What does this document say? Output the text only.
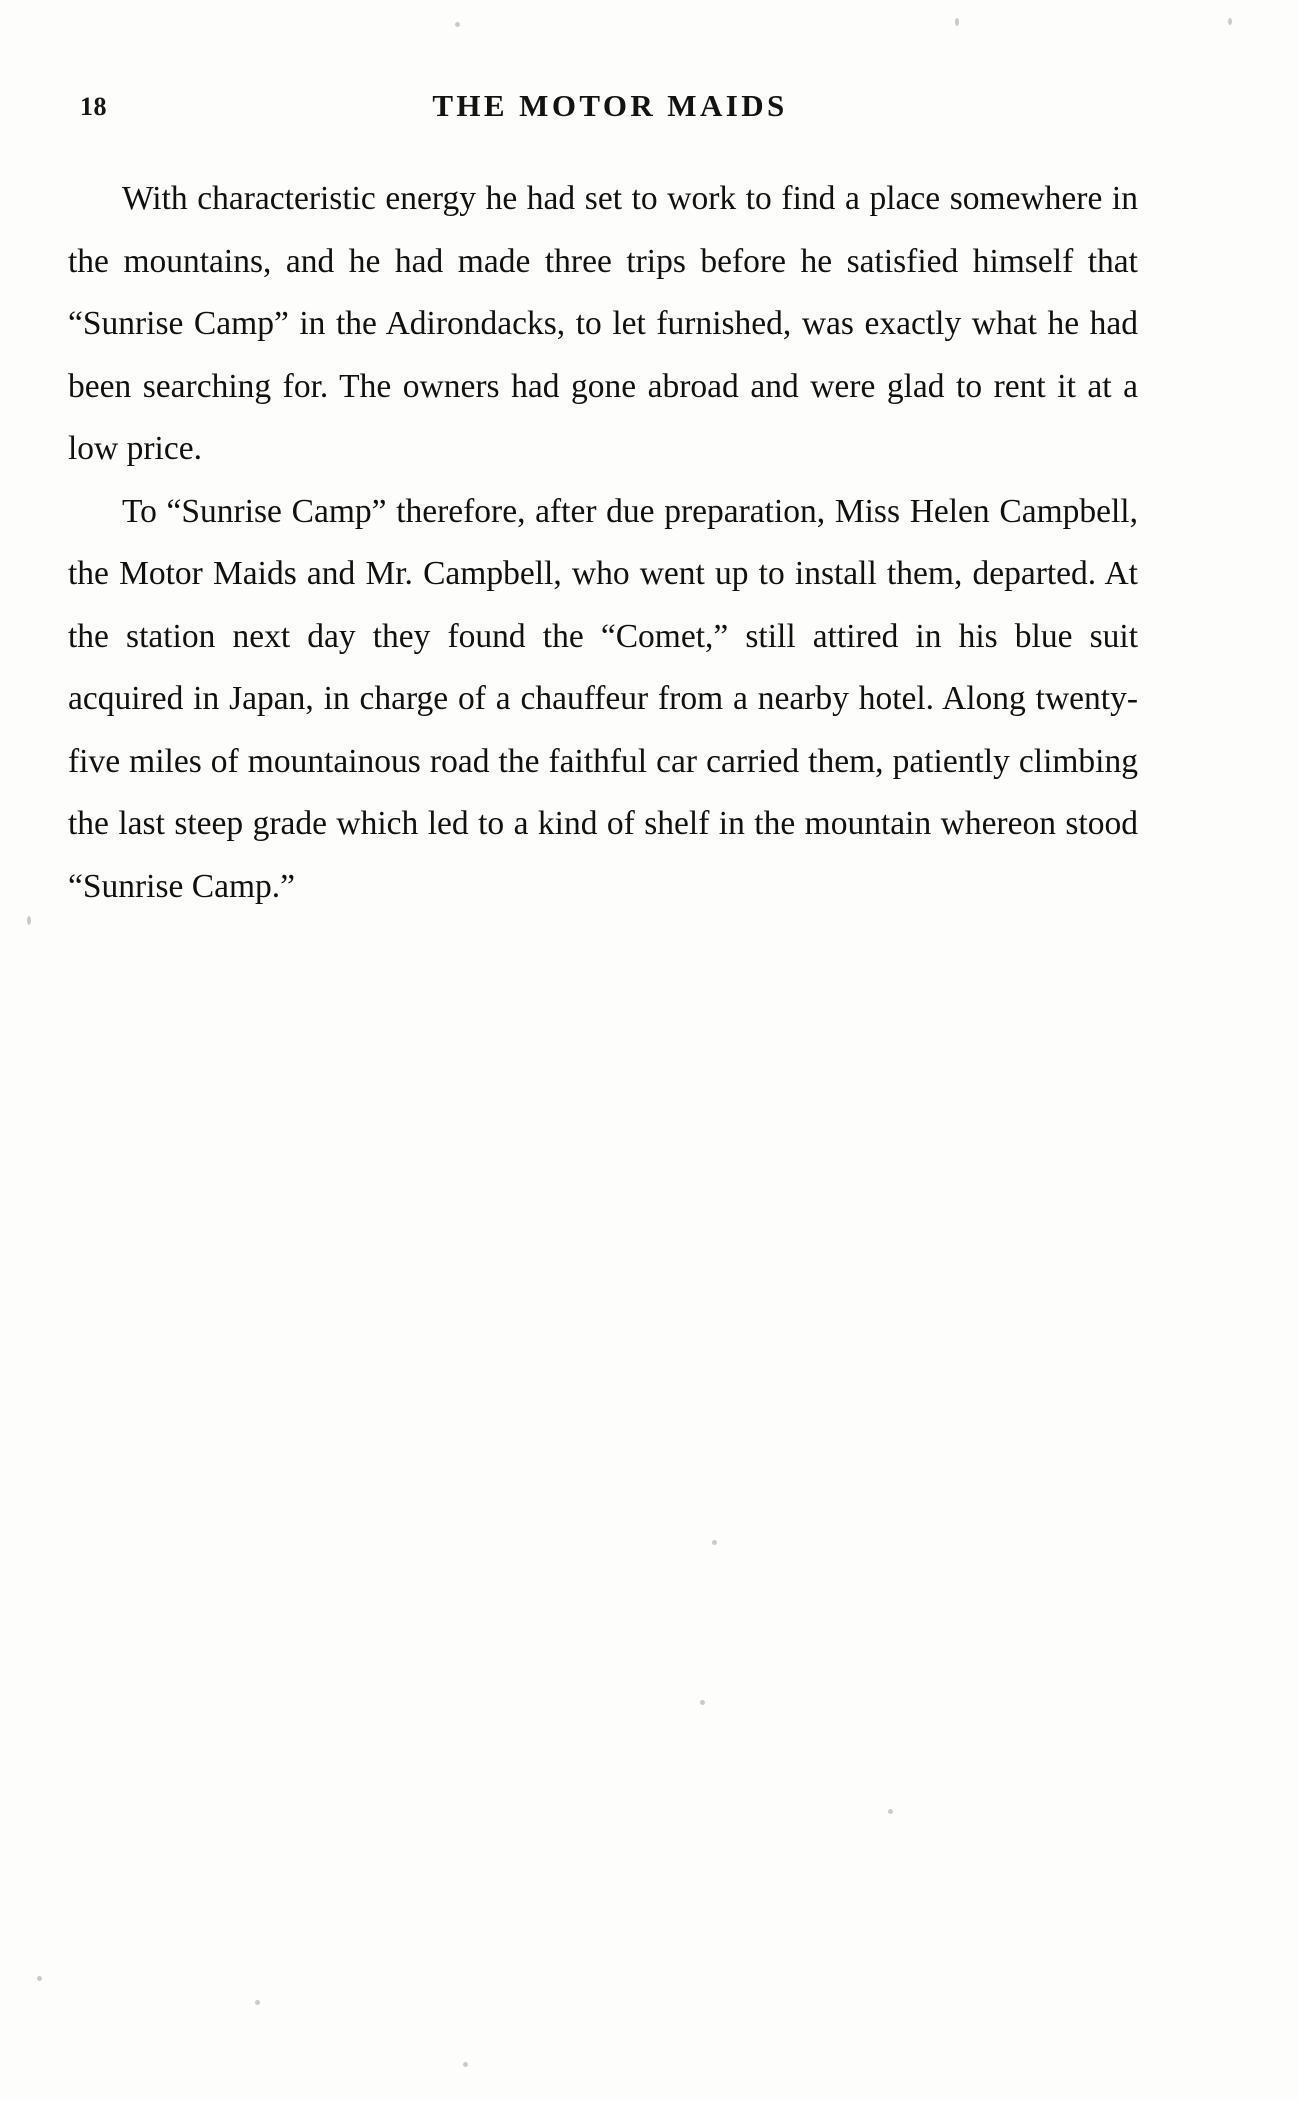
18	THE MOTOR MAIDS

With characteristic energy he had set to work to find a place somewhere in the mountains, and he had made three trips before he satisfied himself that “Sunrise Camp” in the Adirondacks, to let furnished, was exactly what he had been searching for. The owners had gone abroad and were glad to rent it at a low price.

To “Sunrise Camp” therefore, after due preparation, Miss Helen Campbell, the Motor Maids and Mr. Campbell, who went up to install them, departed. At the station next day they found the “Comet,” still attired in his blue suit acquired in Japan, in charge of a chauffeur from a nearby hotel. Along twenty-five miles of mountainous road the faithful car carried them, patiently climbing the last steep grade which led to a kind of shelf in the mountain whereon stood “Sunrise Camp.”
